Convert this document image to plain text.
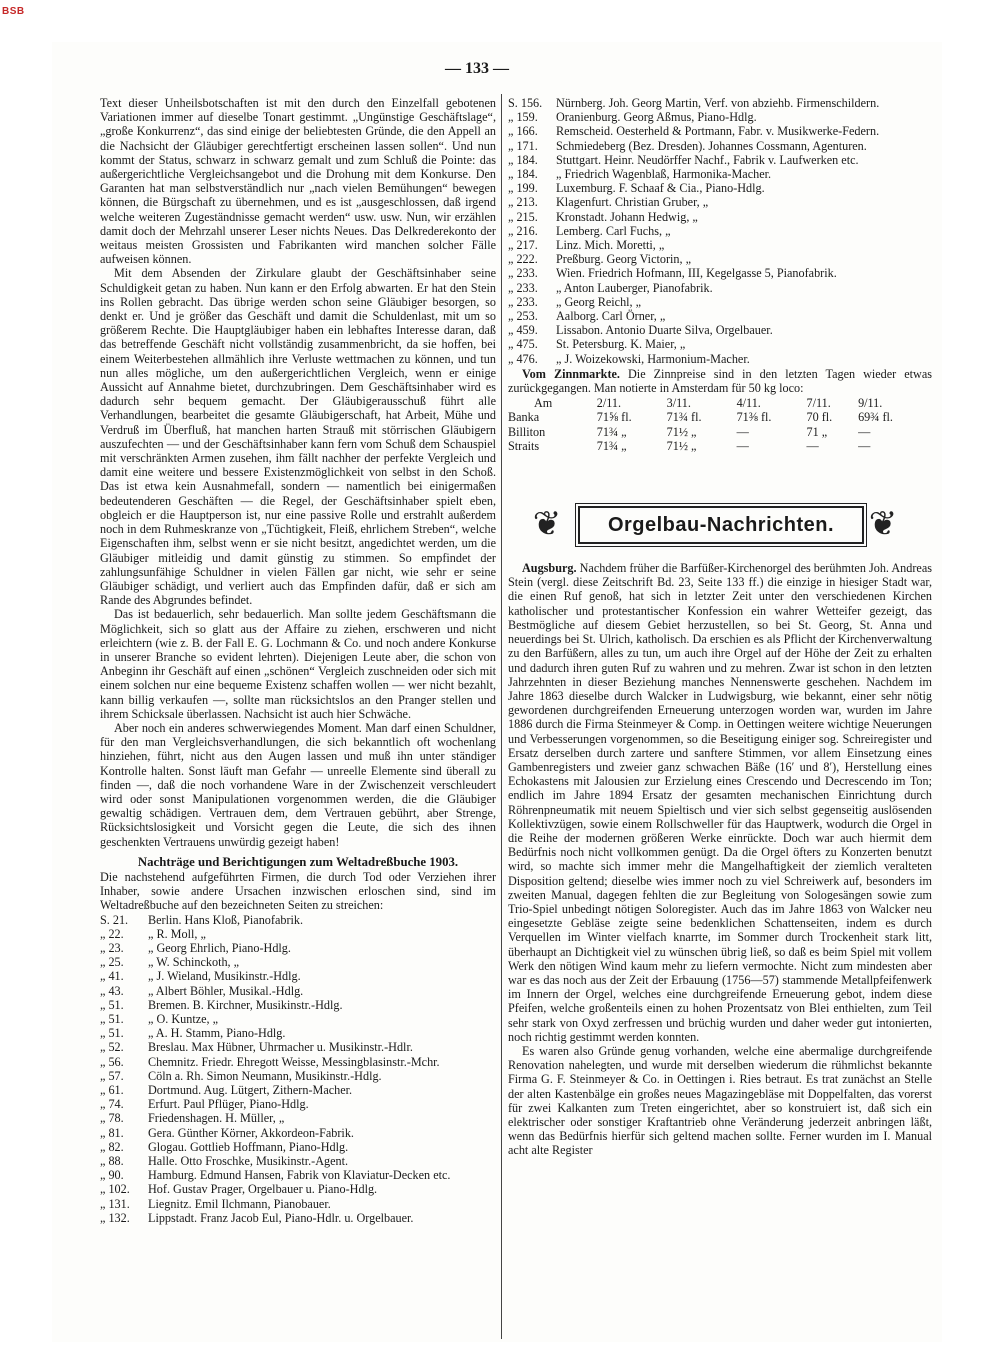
BSB
— 133 —

Text dieser Unheilsbotschaften ist mit den durch den Einzelfall gebotenen Variationen immer auf dieselbe Tonart gestimmt. „Ungünstige Geschäftslage“, „große Konkurrenz“, das sind einige der beliebtesten Gründe, die den Appell an die Nachsicht der Gläubiger gerechtfertigt erscheinen lassen sollen“. Und nun kommt der Status, schwarz in schwarz gemalt und zum Schluß die Pointe: das außergerichtliche Vergleichsangebot und die Drohung mit dem Konkurse. Den Garanten hat man selbstverständlich nur „nach vielen Bemühungen“ bewegen können, die Bürgschaft zu übernehmen, und es ist „ausgeschlossen, daß irgend welche weiteren Zugeständnisse gemacht werden“ usw. usw. Nun, wir erzählen damit doch der Mehrzahl unserer Leser nichts Neues. Das Delkrederekonto der weitaus meisten Grossisten und Fabrikanten wird manchen solcher Fälle aufweisen können.

Mit dem Absenden der Zirkulare glaubt der Geschäftsinhaber seine Schuldigkeit getan zu haben. Nun kann er den Erfolg abwarten. Er hat den Stein ins Rollen gebracht. Das übrige werden schon seine Gläubiger besorgen, so denkt er. Und je größer das Geschäft und damit die Schuldenlast, mit um so größerem Rechte. Die Hauptgläubiger haben ein lebhaftes Interesse daran, daß das betreffende Geschäft nicht vollständig zusammenbricht, da sie hoffen, bei einem Weiterbestehen allmählich ihre Verluste wettmachen zu können, und tun nun alles mögliche, um den außergerichtlichen Vergleich, wenn er einige Aussicht auf Annahme bietet, durchzubringen. Dem Geschäftsinhaber wird es dadurch sehr bequem gemacht. Der Gläubigerausschuß führt alle Verhandlungen, bearbeitet die gesamte Gläubigerschaft, hat Arbeit, Mühe und Verdruß im Überfluß, hat manchen harten Strauß mit störrischen Gläubigern auszufechten — und der Geschäftsinhaber kann fern vom Schuß dem Schauspiel mit verschränkten Armen zusehen, ihm fällt nachher der perfekte Vergleich und damit eine weitere und bessere Existenzmöglichkeit von selbst in den Schoß. Das ist etwa kein Ausnahmefall, sondern — namentlich bei einigermaßen bedeutenderen Geschäften — die Regel, der Geschäftsinhaber spielt eben, obgleich er die Hauptperson ist, nur eine passive Rolle und erstrahlt außerdem noch in dem Ruhmeskranze von „Tüchtigkeit, Fleiß, ehrlichem Streben“, welche Eigenschaften ihm, selbst wenn er sie nicht besitzt, angedichtet werden, um die Gläubiger mitleidig und damit günstig zu stimmen. So empfindet der zahlungsunfähige Schuldner in vielen Fällen gar nicht, wie sehr er seine Gläubiger schädigt, und verliert auch das Empfinden dafür, daß er sich am Rande des Abgrundes befindet.

Das ist bedauerlich, sehr bedauerlich. Man sollte jedem Geschäftsmann die Möglichkeit, sich so glatt aus der Affaire zu ziehen, erschweren und nicht erleichtern (wie z. B. der Fall E. G. Lochmann & Co. und noch andere Konkurse in unserer Branche so evident lehrten). Diejenigen Leute aber, die schon von Anbeginn ihr Geschäft auf einen „schönen“ Vergleich zuschneiden oder sich mit einem solchen nur eine bequeme Existenz schaffen wollen — wer nicht bezahlt, kann billig verkaufen —, sollte man rücksichtslos an den Pranger stellen und ihrem Schicksale überlassen. Nachsicht ist auch hier Schwäche.

Aber noch ein anderes schwerwiegendes Moment. Man darf einen Schuldner, für den man Vergleichsverhandlungen, die sich bekanntlich oft wochenlang hinziehen, führt, nicht aus den Augen lassen und muß ihn unter ständiger Kontrolle halten. Sonst läuft man Gefahr — unreelle Elemente sind überall zu finden —, daß die noch vorhandene Ware in der Zwischenzeit verschleudert wird oder sonst Manipulationen vorgenommen werden, die die Gläubiger gewaltig schädigen. Vertrauen dem, dem Vertrauen gebührt, aber Strenge, Rücksichtslosigkeit und Vorsicht gegen die Leute, die sich des ihnen geschenkten Vertrauens unwürdig gezeigt haben!

Nachträge und Berichtigungen zum Weltadreßbuche 1903.

Die nachstehend aufgeführten Firmen, die durch Tod oder Verziehen ihrer Inhaber, sowie andere Ursachen inzwischen erloschen sind, sind im Weltadreßbuche auf den bezeichneten Seiten zu streichen:

S. 21.	Berlin. Hans Kloß, Pianofabrik.
„ 22.	„ R. Moll, „
„ 23.	„ Georg Ehrlich, Piano-Hdlg.
„ 25.	„ W. Schinckoth, „
„ 41.	„ J. Wieland, Musikinstr.-Hdlg.
„ 43.	„ Albert Böhler, Musikal.-Hdlg.
„ 51.	Bremen. B. Kirchner, Musikinstr.-Hdlg.
„ 51.	„ O. Kuntze, „
„ 51.	„ A. H. Stamm, Piano-Hdlg.
„ 52.	Breslau. Max Hübner, Uhrmacher u. Musikinstr.-Hdlr.
„ 56.	Chemnitz. Friedr. Ehregott Weisse, Messingblasinstr.-Mchr.
„ 57.	Cöln a. Rh. Simon Neumann, Musikinstr.-Hdlg.
„ 61.	Dortmund. Aug. Lütgert, Zithern-Macher.
„ 74.	Erfurt. Paul Pflüger, Piano-Hdlg.
„ 78.	Friedenshagen. H. Müller, „
„ 81.	Gera. Günther Körner, Akkordeon-Fabrik.
„ 82.	Glogau. Gottlieb Hoffmann, Piano-Hdlg.
„ 88.	Halle. Otto Froschke, Musikinstr.-Agent.
„ 90.	Hamburg. Edmund Hansen, Fabrik von Klaviatur-Decken etc.
„ 102.	Hof. Gustav Prager, Orgelbauer u. Piano-Hdlg.
„ 131.	Liegnitz. Emil Ilchmann, Pianobauer.
„ 132.	Lippstadt. Franz Jacob Eul, Piano-Hdlr. u. Orgelbauer.
S. 156.	Nürnberg. Joh. Georg Martin, Verf. von abziehb. Firmenschildern.
„ 159.	Oranienburg. Georg Aßmus, Piano-Hdlg.
„ 166.	Remscheid. Oesterheld & Portmann, Fabr. v. Musikwerke-Federn.
„ 171.	Schmiedeberg (Bez. Dresden). Johannes Cossmann, Agenturen.
„ 184.	Stuttgart. Heinr. Neudörffer Nachf., Fabrik v. Laufwerken etc.
„ 184.	„ Friedrich Wagenblaß, Harmonika-Macher.
„ 199.	Luxemburg. F. Schaaf & Cia., Piano-Hdlg.
„ 213.	Klagenfurt. Christian Gruber, „
„ 215.	Kronstadt. Johann Hedwig, „
„ 216.	Lemberg. Carl Fuchs, „
„ 217.	Linz. Mich. Moretti, „
„ 222.	Preßburg. Georg Victorin, „
„ 233.	Wien. Friedrich Hofmann, III, Kegelgasse 5, Pianofabrik.
„ 233.	„ Anton Lauberger, Pianofabrik.
„ 233.	„ Georg Reichl, „
„ 253.	Aalborg. Carl Örner, „
„ 459.	Lissabon. Antonio Duarte Silva, Orgelbauer.
„ 475.	St. Petersburg. K. Maier, „
„ 476.	„ J. Woizekowski, Harmonium-Macher.

Vom Zinnmarkte. Die Zinnpreise sind in den letzten Tagen wieder etwas zurückgegangen. Man notierte in Amsterdam für 50 kg loco:

Am	2/11.	3/11.	4/11.	7/11.	9/11.
Banka	71⅝ fl.	71¾ fl.	71⅜ fl.	70 fl.	69¾ fl.
Billiton	71¾ „	71½ „	—	71 „	—
Straits	71¾ „	71½ „	—	—	—
❦	Orgelbau-Nachrichten.	❦

Augsburg. Nachdem früher die Barfüßer-Kirchenorgel des berühmten Joh. Andreas Stein (vergl. diese Zeitschrift Bd. 23, Seite 133 ff.) die einzige in hiesiger Stadt war, die einen Ruf genoß, hat sich in letzter Zeit unter den verschiedenen Kirchen katholischer und protestantischer Konfession ein wahrer Wetteifer gezeigt, das Bestmögliche auf diesem Gebiet herzustellen, so bei St. Georg, St. Anna und neuerdings bei St. Ulrich, katholisch. Da erschien es als Pflicht der Kirchenverwaltung zu den Barfüßern, alles zu tun, um auch ihre Orgel auf der Höhe der Zeit zu erhalten und dadurch ihren guten Ruf zu wahren und zu mehren. Zwar ist schon in den letzten Jahrzehnten in dieser Beziehung manches Nennenswerte geschehen. Nachdem im Jahre 1863 dieselbe durch Walcker in Ludwigsburg, wie bekannt, einer sehr nötig gewordenen durchgreifenden Erneuerung unterzogen worden war, wurden im Jahre 1886 durch die Firma Steinmeyer & Comp. in Oettingen weitere wichtige Neuerungen und Verbesserungen vorgenommen, so die Beseitigung einiger sog. Schreiregister und Ersatz derselben durch zartere und sanftere Stimmen, vor allem Einsetzung eines Gambenregisters und zweier ganz schwachen Bäße (16′ und 8′), Herstellung eines Echokastens mit Jalousien zur Erzielung eines Crescendo und Decrescendo im Ton; endlich im Jahre 1894 Ersatz der gesamten mechanischen Einrichtung durch Röhrenpneumatik mit neuem Spieltisch und vier sich selbst gegenseitig auslösenden Kollektivzügen, sowie einem Rollschweller für das Hauptwerk, wodurch die Orgel in die Reihe der modernen größeren Werke einrückte. Doch war auch hiermit dem Bedürfnis noch nicht vollkommen genügt. Da die Orgel öfters zu Konzerten benutzt wird, so machte sich immer mehr die Mangelhaftigkeit der ziemlich veralteten Disposition geltend; dieselbe wies immer noch zu viel Schreiwerk auf, besonders im zweiten Manual, dagegen fehlten die zur Begleitung von Sologesängen sowie zum Trio-Spiel unbedingt nötigen Soloregister. Auch das im Jahre 1863 von Walcker neu eingesetzte Gebläse zeigte seine bedenklichen Schattenseiten, indem es durch Verquellen im Winter vielfach knarrte, im Sommer durch Trockenheit stark litt, überhaupt an Dichtigkeit viel zu wünschen übrig ließ, so daß es beim Spiel mit vollem Werk den nötigen Wind kaum mehr zu liefern vermochte. Nicht zum mindesten aber war es das noch aus der Zeit der Erbauung (1756—57) stammende Metallpfeifenwerk im Innern der Orgel, welches eine durchgreifende Erneuerung gebot, indem diese Pfeifen, welche großenteils einen zu hohen Prozentsatz von Blei enthielten, zum Teil sehr stark von Oxyd zerfressen und brüchig wurden und daher weder gut intonierten, noch richtig gestimmt werden konnten.

Es waren also Gründe genug vorhanden, welche eine abermalige durchgreifende Renovation nahelegten, und wurde mit derselben wiederum die rühmlichst bekannte Firma G. F. Steinmeyer & Co. in Oettingen i. Ries betraut. Es trat zunächst an Stelle der alten Kastenbälge ein großes neues Magazingebläse mit Doppelfalten, das vorerst für zwei Kalkanten zum Treten eingerichtet, aber so konstruiert ist, daß sich ein elektrischer oder sonstiger Kraftantrieb ohne Veränderung jederzeit anbringen läßt, wenn das Bedürfnis hierfür sich geltend machen sollte. Ferner wurden im I. Manual acht alte Register
